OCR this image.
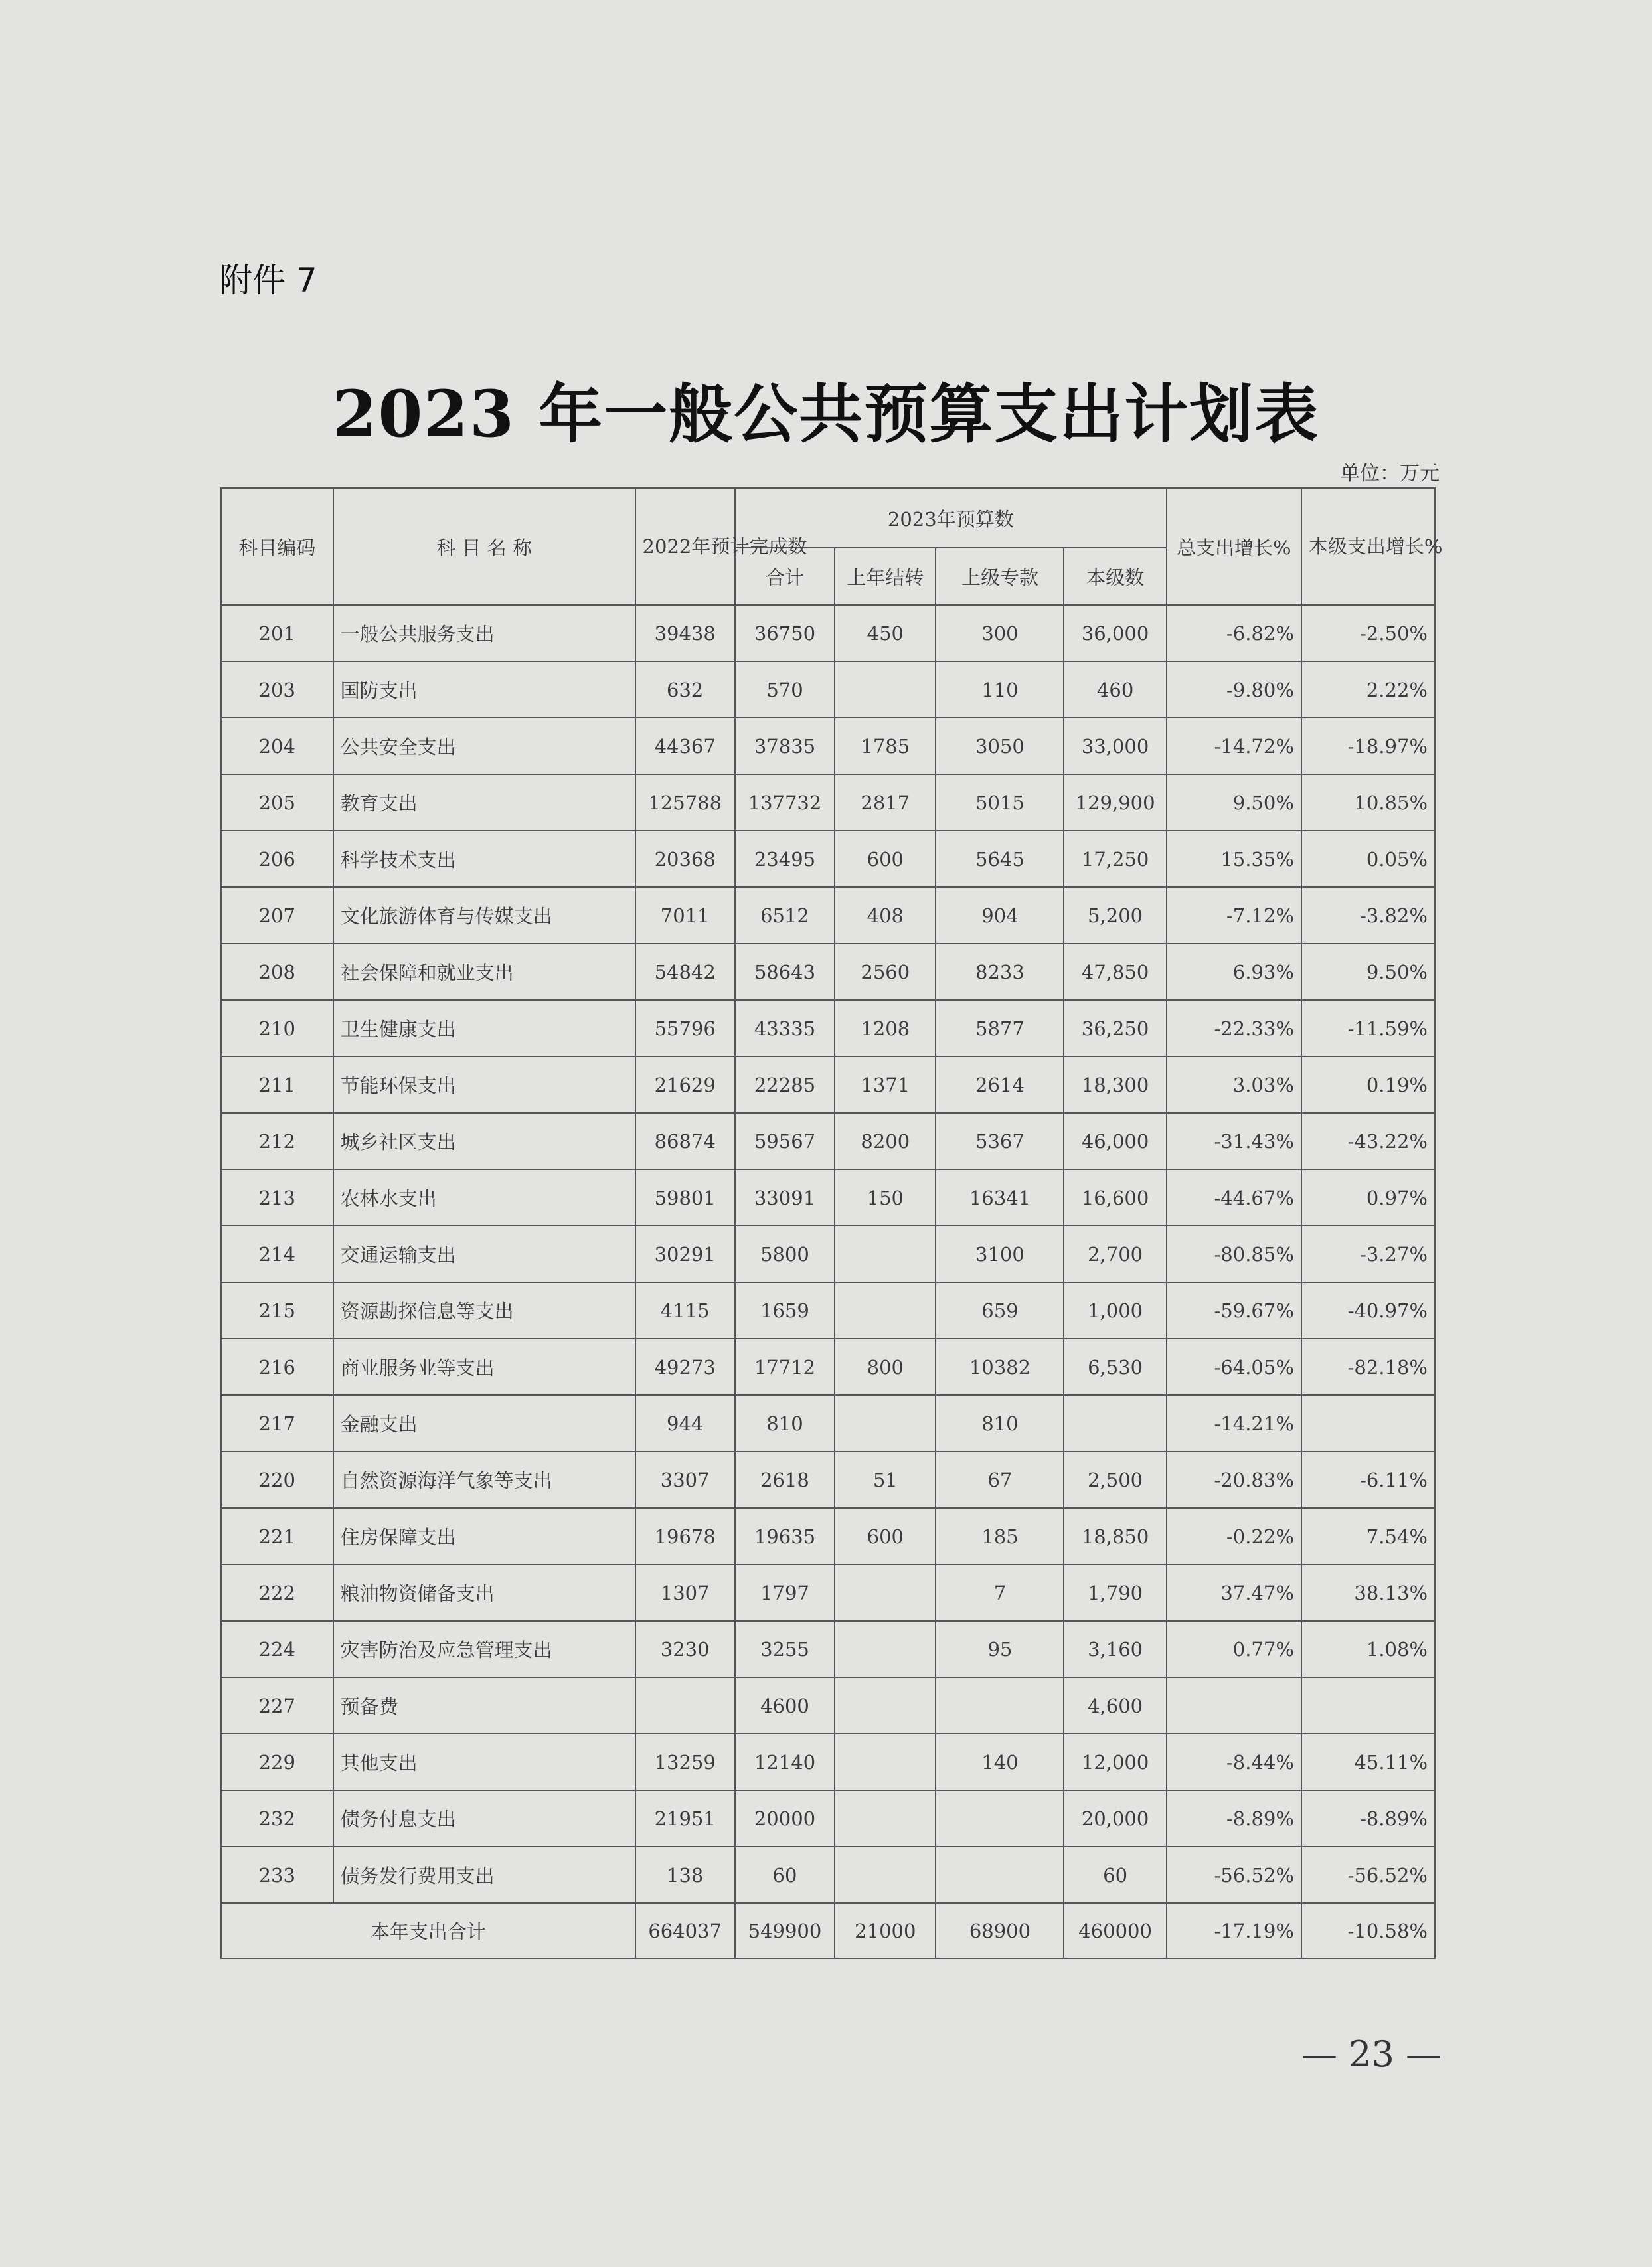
附件 7
2023 年一般公共预算支出计划表
单位：万元
科目编码	科 目 名 称	2022年预计完成数	2023年预算数				总支出增长%	本级支出增长%
			合计	上年结转	上级专款	本级数		
201	一般公共服务支出	39438	36750	450	300	36,000	-6.82%	-2.50%
203	国防支出	632	570		110	460	-9.80%	2.22%
204	公共安全支出	44367	37835	1785	3050	33,000	-14.72%	-18.97%
205	教育支出	125788	137732	2817	5015	129,900	9.50%	10.85%
206	科学技术支出	20368	23495	600	5645	17,250	15.35%	0.05%
207	文化旅游体育与传媒支出	7011	6512	408	904	5,200	-7.12%	-3.82%
208	社会保障和就业支出	54842	58643	2560	8233	47,850	6.93%	9.50%
210	卫生健康支出	55796	43335	1208	5877	36,250	-22.33%	-11.59%
211	节能环保支出	21629	22285	1371	2614	18,300	3.03%	0.19%
212	城乡社区支出	86874	59567	8200	5367	46,000	-31.43%	-43.22%
213	农林水支出	59801	33091	150	16341	16,600	-44.67%	0.97%
214	交通运输支出	30291	5800		3100	2,700	-80.85%	-3.27%
215	资源勘探信息等支出	4115	1659		659	1,000	-59.67%	-40.97%
216	商业服务业等支出	49273	17712	800	10382	6,530	-64.05%	-82.18%
217	金融支出	944	810		810		-14.21%	
220	自然资源海洋气象等支出	3307	2618	51	67	2,500	-20.83%	-6.11%
221	住房保障支出	19678	19635	600	185	18,850	-0.22%	7.54%
222	粮油物资储备支出	1307	1797		7	1,790	37.47%	38.13%
224	灾害防治及应急管理支出	3230	3255		95	3,160	0.77%	1.08%
227	预备费		4600			4,600		
229	其他支出	13259	12140		140	12,000	-8.44%	45.11%
232	债务付息支出	21951	20000			20,000	-8.89%	-8.89%
233	债务发行费用支出	138	60			60	-56.52%	-56.52%
本年支出合计		664037	549900	21000	68900	460000	-17.19%	-10.58%
— 23 —
